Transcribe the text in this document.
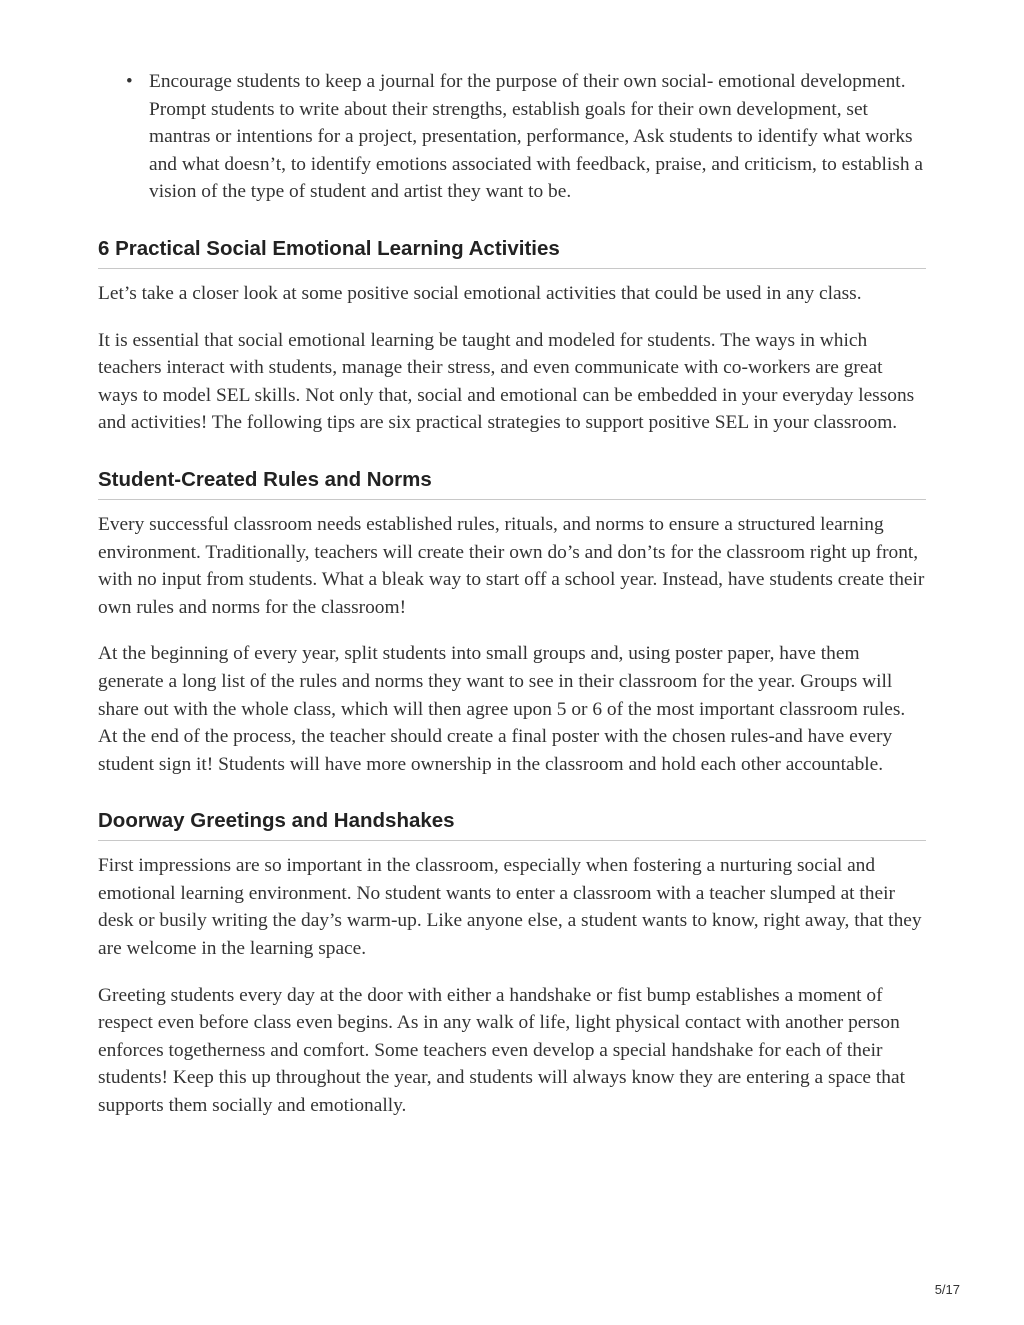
• Encourage students to keep a journal for the purpose of their own social- emotional development. Prompt students to write about their strengths, establish goals for their own development, set mantras or intentions for a project, presentation, performance, Ask students to identify what works and what doesn’t, to identify emotions associated with feedback, praise, and criticism, to establish a vision of the type of student and artist they want to be.
6 Practical Social Emotional Learning Activities

Let’s take a closer look at some positive social emotional activities that could be used in any class.

It is essential that social emotional learning be taught and modeled for students. The ways in which teachers interact with students, manage their stress, and even communicate with co-workers are great ways to model SEL skills. Not only that, social and emotional can be embedded in your everyday lessons and activities! The following tips are six practical strategies to support positive SEL in your classroom.

Student-Created Rules and Norms

Every successful classroom needs established rules, rituals, and norms to ensure a structured learning environment. Traditionally, teachers will create their own do’s and don’ts for the classroom right up front, with no input from students. What a bleak way to start off a school year. Instead, have students create their own rules and norms for the classroom!

At the beginning of every year, split students into small groups and, using poster paper, have them generate a long list of the rules and norms they want to see in their classroom for the year. Groups will share out with the whole class, which will then agree upon 5 or 6 of the most important classroom rules. At the end of the process, the teacher should create a final poster with the chosen rules-and have every student sign it! Students will have more ownership in the classroom and hold each other accountable.

Doorway Greetings and Handshakes

First impressions are so important in the classroom, especially when fostering a nurturing social and emotional learning environment. No student wants to enter a classroom with a teacher slumped at their desk or busily writing the day’s warm-up. Like anyone else, a student wants to know, right away, that they are welcome in the learning space.

Greeting students every day at the door with either a handshake or fist bump establishes a moment of respect even before class even begins. As in any walk of life, light physical contact with another person enforces togetherness and comfort. Some teachers even develop a special handshake for each of their students! Keep this up throughout the year, and students will always know they are entering a space that supports them socially and emotionally.

5/17
